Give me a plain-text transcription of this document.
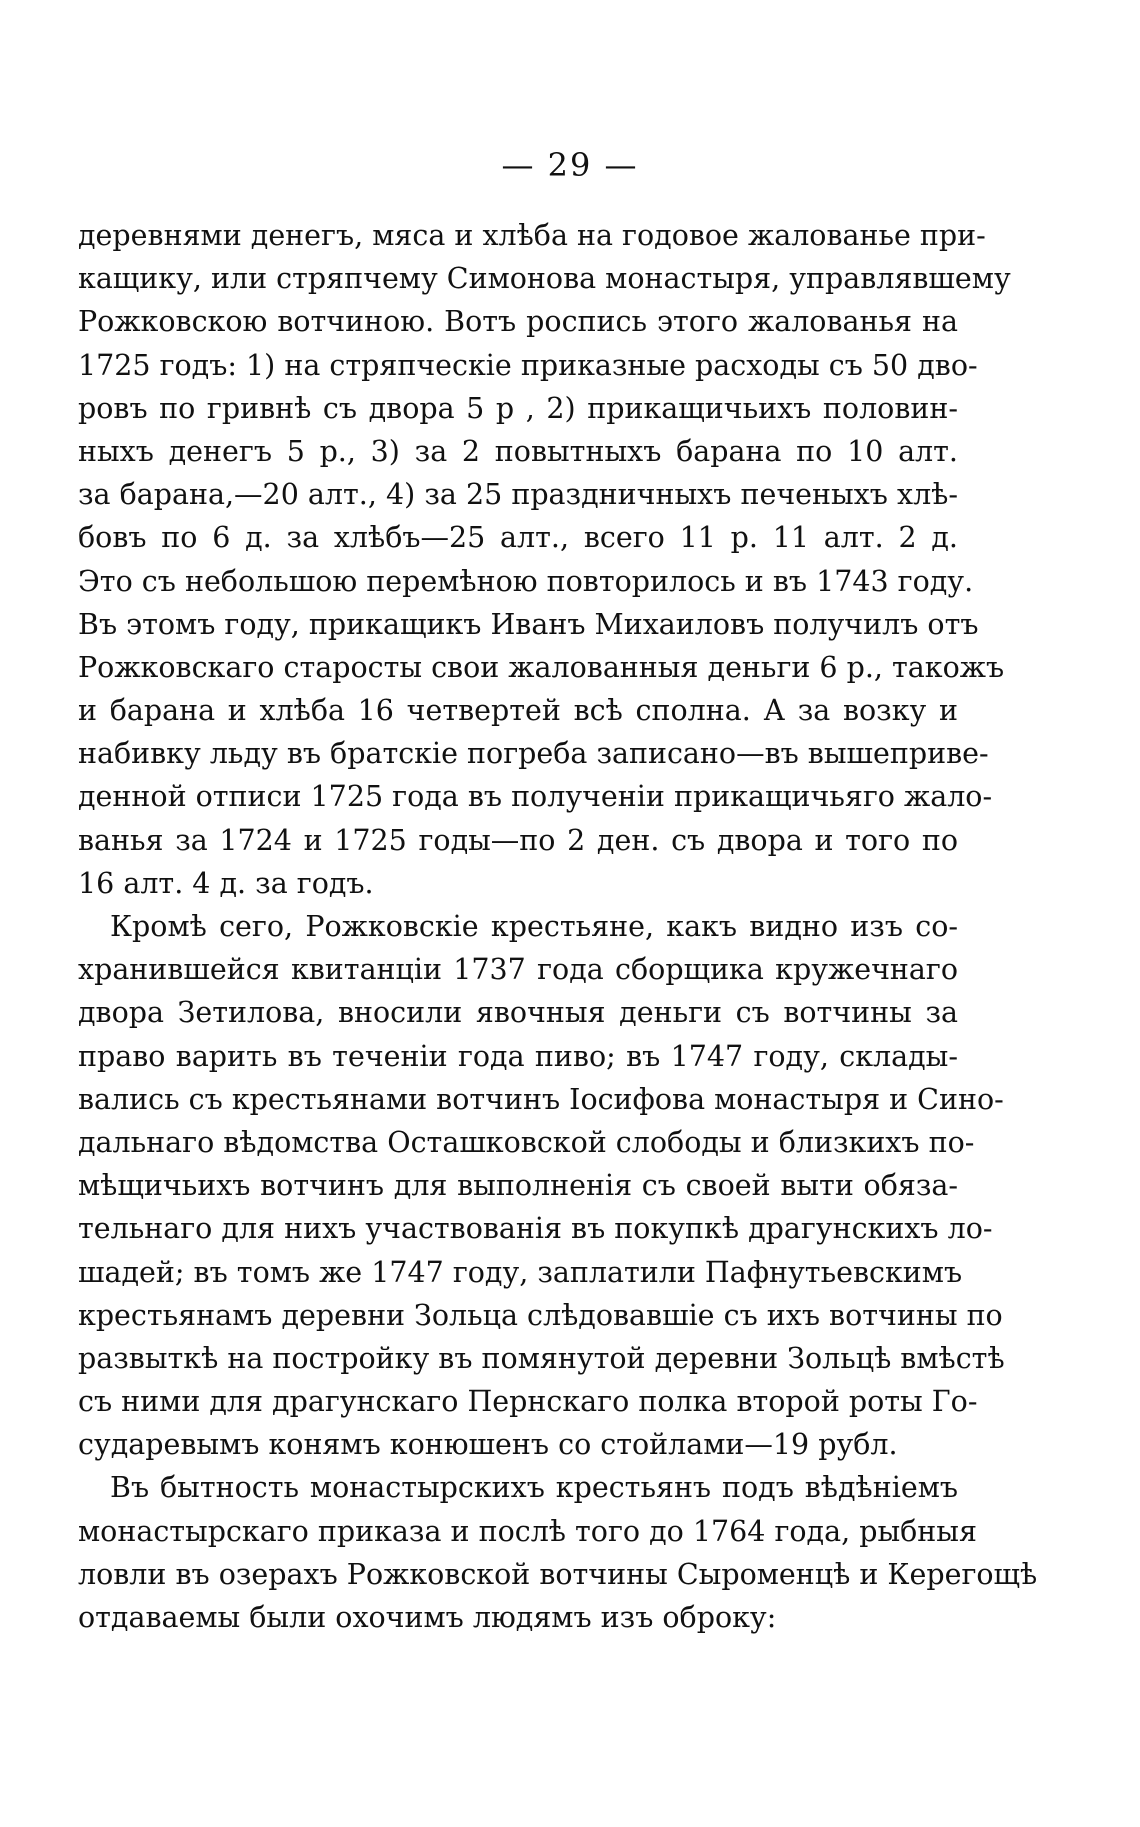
— 29 —
деревнями денегъ, мяса и хлѣба на годовое жалованье при-
кащику, или стряпчему Симонова монастыря, управлявшему
Рожковскою вотчиною. Вотъ роспись этого жалованья на
1725 годъ: 1) на стряпческіе приказные расходы съ 50 дво-
ровъ по гривнѣ съ двора 5 р , 2) прикащичьихъ половин-
ныхъ денегъ 5 р., 3) за 2 повытныхъ барана по 10 алт.
за барана,—20 алт., 4) за 25 праздничныхъ печеныхъ хлѣ-
бовъ по 6 д. за хлѣбъ—25 алт., всего 11 р. 11 алт. 2 д.
Это съ небольшою перемѣною повторилось и въ 1743 году.
Въ этомъ году, прикащикъ Иванъ Михаиловъ получилъ отъ
Рожковскаго старосты свои жалованныя деньги 6 р., такожъ
и барана и хлѣба 16 четвертей всѣ сполна. А за возку и
набивку льду въ братскіе погреба записано—въ вышеприве-
денной отписи 1725 года въ полученіи прикащичьяго жало-
ванья за 1724 и 1725 годы—по 2 ден. съ двора и того по
16 алт. 4 д. за годъ.
Кромѣ сего, Рожковскіе крестьяне, какъ видно изъ со-
хранившейся квитанціи 1737 года сборщика кружечнаго
двора Зетилова, вносили явочныя деньги съ вотчины за
право варить въ теченіи года пиво; въ 1747 году, склады-
вались съ крестьянами вотчинъ Іосифова монастыря и Сино-
дальнаго вѣдомства Осташковской слободы и близкихъ по-
мѣщичьихъ вотчинъ для выполненія съ своей выти обяза-
тельнаго для нихъ участвованія въ покупкѣ драгунскихъ ло-
шадей; въ томъ же 1747 году, заплатили Пафнутьевскимъ
крестьянамъ деревни Зольца слѣдовавшіе съ ихъ вотчины по
развыткѣ на постройку въ помянутой деревни Зольцѣ вмѣстѣ
съ ними для драгунскаго Пернскаго полка второй роты Го-
сударевымъ конямъ конюшенъ со стойлами—19 рубл.
Въ бытность монастырскихъ крестьянъ подъ вѣдѣніемъ
монастырскаго приказа и послѣ того до 1764 года, рыбныя
ловли въ озерахъ Рожковской вотчины Сыроменцѣ и Керегощѣ
отдаваемы были охочимъ людямъ изъ оброку:
